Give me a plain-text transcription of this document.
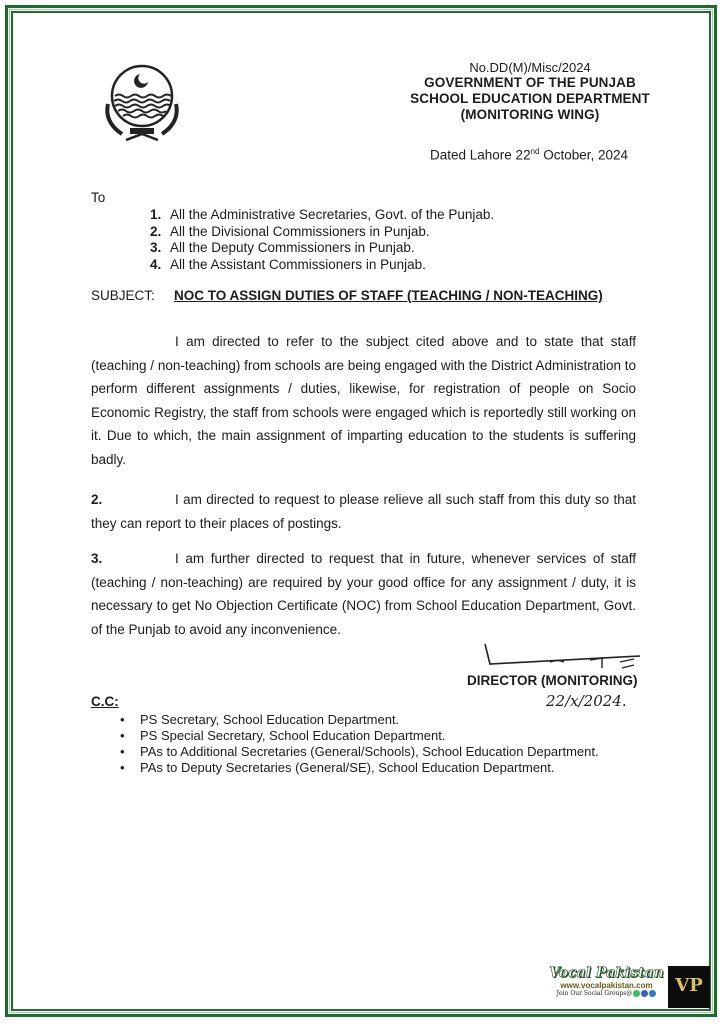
No.DD(M)/Misc/2024
GOVERNMENT OF THE PUNJAB
SCHOOL EDUCATION DEPARTMENT
(MONITORING WING)
Dated Lahore 22nd October, 2024
To
1. All the Administrative Secretaries, Govt. of the Punjab.
2. All the Divisional Commissioners in Punjab.
3. All the Deputy Commissioners in Punjab.
4. All the Assistant Commissioners in Punjab.
SUBJECT: NOC TO ASSIGN DUTIES OF STAFF (TEACHING / NON-TEACHING)
I am directed to refer to the subject cited above and to state that staff (teaching / non-teaching) from schools are being engaged with the District Administration to perform different assignments / duties, likewise, for registration of people on Socio Economic Registry, the staff from schools were engaged which is reportedly still working on it. Due to which, the main assignment of imparting education to the students is suffering badly.
2.	I am directed to request to please relieve all such staff from this duty so that they can report to their places of postings.
3.	I am further directed to request that in future, whenever services of staff (teaching / non-teaching) are required by your good office for any assignment / duty, it is necessary to get No Objection Certificate (NOC) from School Education Department, Govt. of the Punjab to avoid any inconvenience.
DIRECTOR (MONITORING)
22/x/2024.
C.C:
• PS Secretary, School Education Department.
• PS Special Secretary, School Education Department.
• PAs to Additional Secretaries (General/Schools), School Education Department.
• PAs to Deputy Secretaries (General/SE), School Education Department.
Vocal Pakistan
www.vocalpakistan.com
Join Our Social Groups@	VP
